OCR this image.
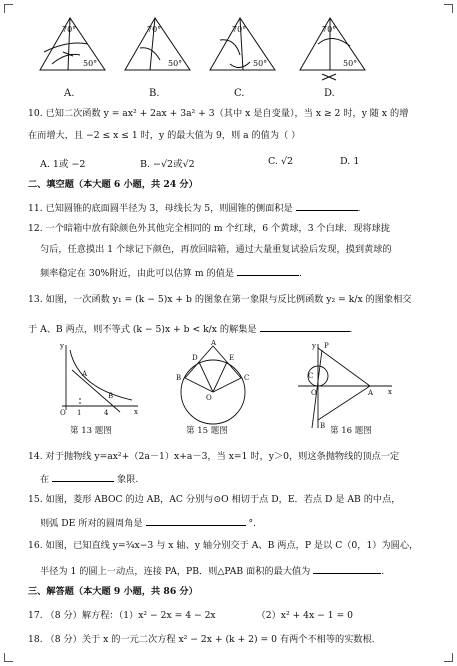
70°
50°
70°
50°
70°
50°
70°
50°
A.	B.	C.	D.
10. 已知二次函数 y = ax² + 2ax + 3a² + 3（其中 x 是自变量），当 x ≥ 2 时，y 随 x 的增
在而增大，且 −2 ≤ x ≤ 1 时，y 的最大值为 9，则 a 的值为（ ）
A. 1或 −2	B. −√2或√2	C. √2	D. 1
二、填空题（本大题 6 小题，共 24 分）
11. 已知圆锥的底面圆半径为 3，母线长为 5，则圆锥的侧面积是	.
12. 一个暗箱中放有除颜色外其他完全相同的 m 个红球，6 个黄球，3 个白球．现将球拢
匀后，任意摸出 1 个球记下颜色，再放回暗箱，通过大量重复试验后发现，摸到黄球的
频率稳定在 30%附近，由此可以估算 m 的值是	.
13. 如图，一次函数 y₁ = (k − 5)x + b 的图象在第一象限与反比例函数 y₂ = k/x 的图象相交
于 A、B 两点，则不等式 (k − 5)x + b < k/x 的解集是	.
y
x
O 1	4
A
B
A
D	E
B	C
O
y
x
C
O	A
P
B
第 13 题图	第 15 题图	第 16 题图
14. 对于抛物线 y=ax²+（2a－1）x+a－3，当 x=1 时，y＞0，则这条抛物线的顶点一定
在	象限.
15. 如图，菱形 ABOC 的边 AB，AC 分别与⊙O 相切于点 D，E．若点 D 是 AB 的中点，
则弧 DE 所对的圆周角是	°.
16. 如图，已知直线 y=¾x−3 与 x 轴、y 轴分别交于 A、B 两点，P 是以 C（0，1）为圆心，
半径为 1 的圆上一动点，连接 PA，PB．则△PAB 面积的最大值为	.
三、解答题（本大题 9 小题，共 86 分）
17. （8 分）解方程：（1）x² − 2x = 4 − 2x	（2）x² + 4x − 1 = 0
18. （8 分）关于 x 的一元二次方程 x² − 2x + (k + 2) = 0 有两个不相等的实数根．
